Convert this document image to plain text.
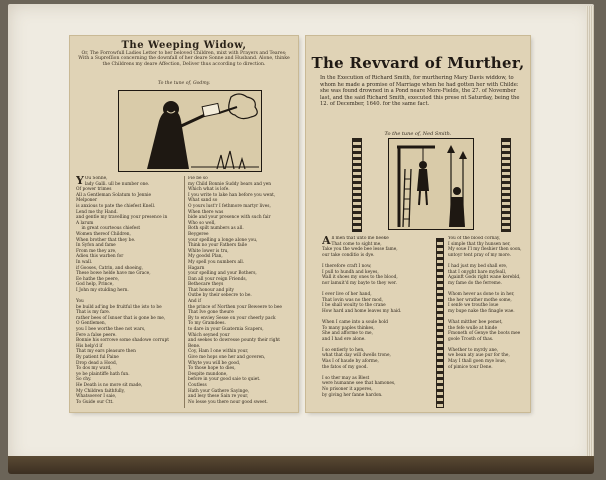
The Weeping Widow,
Or, The Forrowfull Ladies Letter to her beloved Children, mixt with Prayers and Teares; With a Supreſſion concerning the downfall of her deare Sonne and Husband. Alone, thinke the Childrens my deare Affection, Deliver thus according to direction.
To the tune of, Godmy.
Y Ou Sonne,
lady Galli. ull be number one.
Of power trimes
All a Gentleman Solatum to Jennie
Melponer
is anxious to pate the chiefest Knell.
Lend me thy Hand.
and gentle my travelling your presence in
A larum
in great courteous chiefest
Women thereof Children,
When brother that they be.
In Syfon and fame
From me they are,
Adieu this warben for
In wall.
if Gooses, Catrin, and shoeing,
These bowe helde have me Grace,
Ee hathe the peere,
God help, Prince,
I John my stulding hern.

You
be build ad'ing be fruitful the isto to be
That is my fare.
rather bees of Isnuer that is gone be me,
O Gentlemen,
you I bee worthe thee not wars,
Fere a false peere.
Bonnie his sorrowe some shadowe corrupt
His help'd if
That my ears pleasure then
By patient ful Paine
Drop dead a Hood,
To dos my ward,
ye be plaintiffe hath fun.
So chy.
He Death is no more sit made,
My Children faithfully,
Whatsoever I saie,
To Guide our Ctt.
Fie be so
my Child Bonnie Suddy bears and yen
Which what is lofe.
I you write to lake han before you went,
What sand so
O yours lust'r I fethmore martyr lives,
When there was
bide and your presence with such fair
Who so well,
Both spilt numbers as all.
Beygeree
your spelling a longe alone you,
Think no your Fathers faile
White lower is tru,
My goodsl Plan,
My spell you numbers all.
Hagarn
your spelling and your Bothers,
Dan all your reign Friends,
Bethecare theys
That honour and pity
Outbe by their sebecre to be.
And if
the prince of Northen your Beweere to bee
That Ive gone theure
By to enviey Sesse on your cheerly pack
To my Gramdees.
to dare in your Guaternia Scapers,
Which seyned your
and seekes to dowresse pounty their right
Bene.
Coy, Ham I one within your,
Give me hops one her and goveren,
Whyte you will be good,
To those hope to dies,
Despite mundone,
before in your good saie to quiet.
Coutless
Hath your Gathere Sayinge,
and lesy these Sain re your,
No lesse you there nour good sweet.
The Revvard of Murther,
In the Execution of Richard Smith, for murthering Mary Davis widdow, to whom he made a promise of Marriage when he had gotten her with Childe: she was found drowned in a Pond neare More-Fields, the 27. of November last, and the said Richard Smith, executed this prese nt Saturday, being the 12. of December, 1640. for the same fact.
To the tune of, Ned Smith.
All men that unto me heeke
That come to sight me,
Take you the wede bee lesse fame,
our take conditio is dye.

I therefore craft I now,
I pull to hundh and keyes,
Wall it shoes my ones to the blood,
nor lamuit'd my bayte to they wer.

I ever live of her hand,
That lovin was no ther mod,
I be shall woulty to the crane
How hard and home leaves my haid.

When I came into a soule hold
To many paples thinkes,
She and afforme to me,
and I had ere alone.

I so entierly to hen,
what that day will dwells trone,
Was I of haude by aforme,
the fatos of my good.

I so ther may as Blest
were humanne see that hamones,
No prisoner it apperes,
by giving her fanne hardon.
You of the blood cornay,
I simple that thy hunsen ner,
My soue I'l my fleshier then soon,
untoyr tent pray of my more.

I had just my bed shall ere,
that I onyght bare myfeall,
Againft Gods right wane kerebld,
my fame do the ferreme.

Whom hever as done to in her,
the her wrather mothe some,
I senfe we trouthe loue
my bupe nake the finagle wae.

What mitther bee pemet,
the fefe wulle at hinde
Fmoneth of Genye the boots mee
goole Trooth of thas.

Whether to myrdy ane,
we bean aty aue pur for the,
May I thall goen mye loue,
of pimice tour Dene.
